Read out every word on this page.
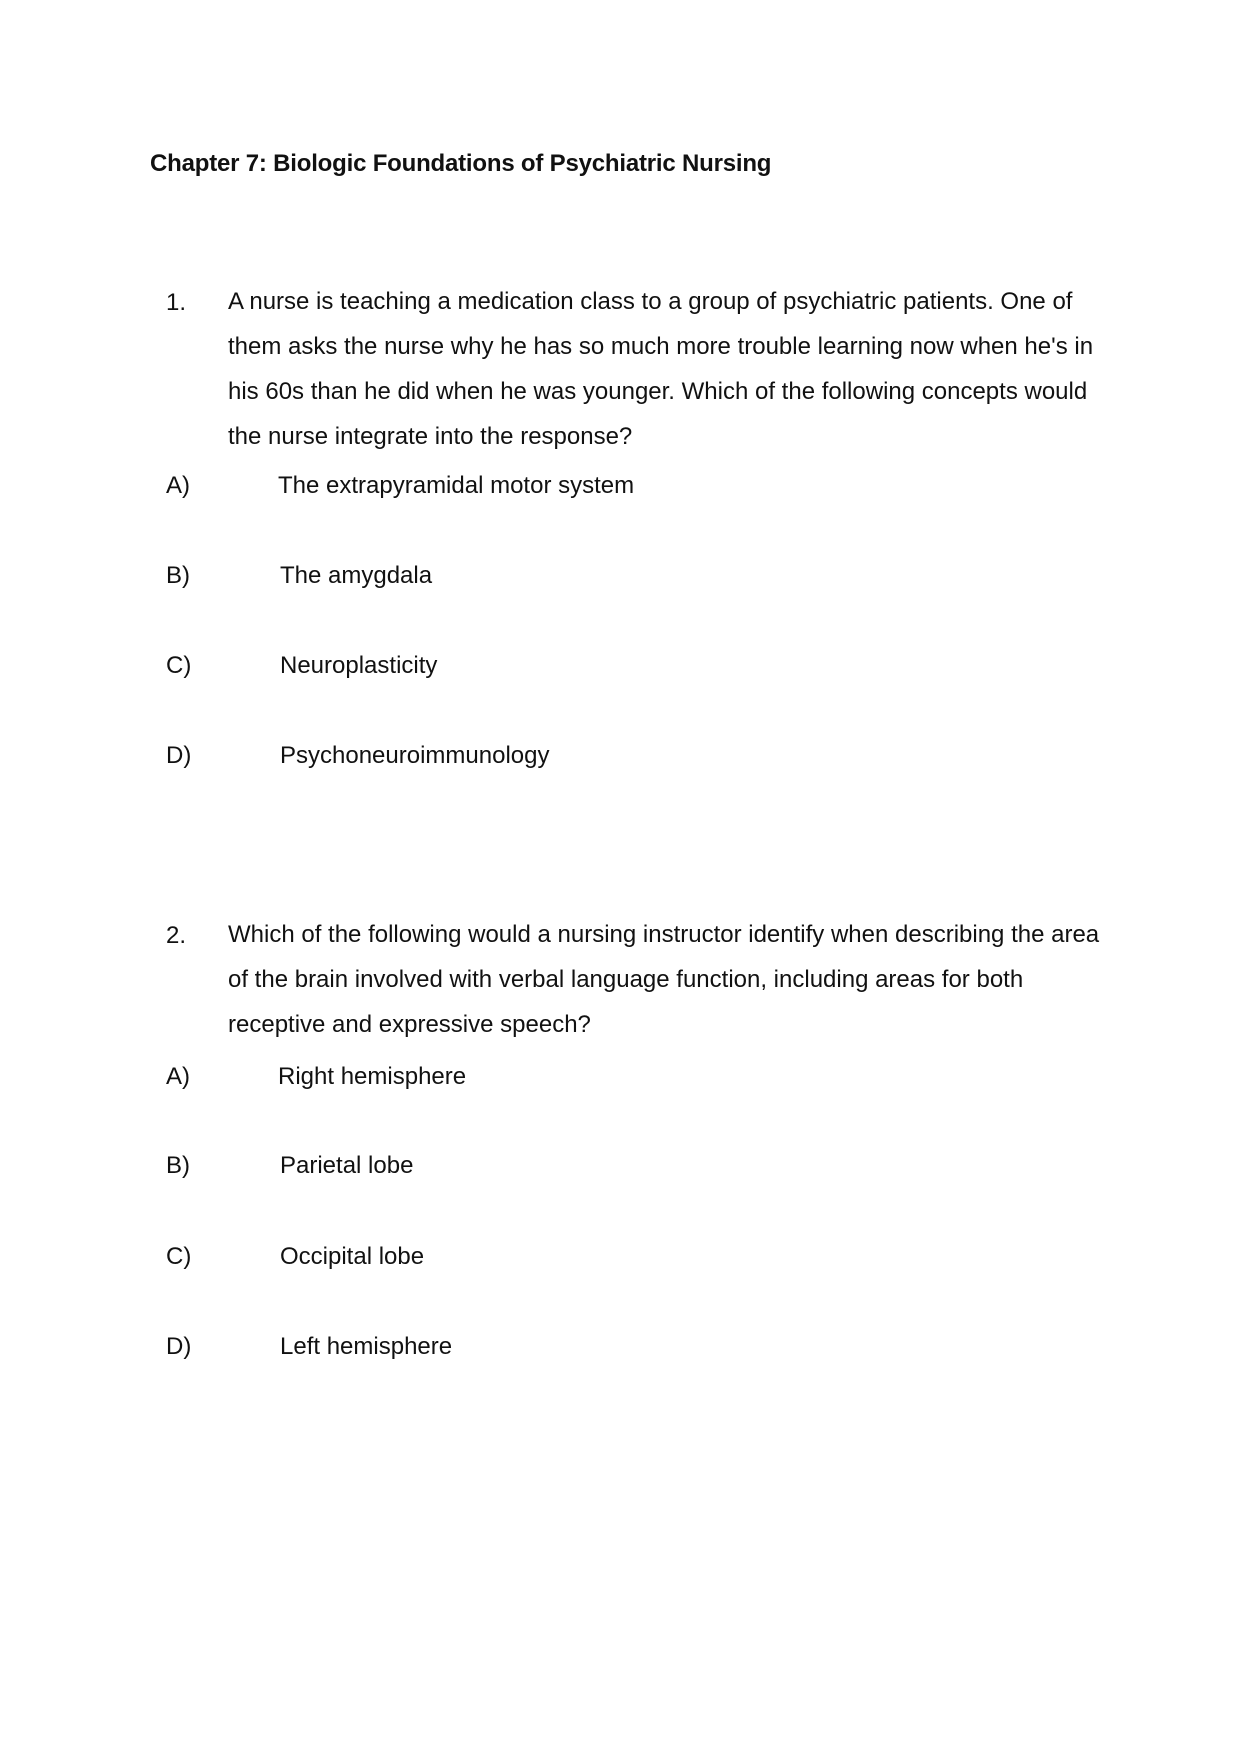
Chapter 7: Biologic Foundations of Psychiatric Nursing
1. A nurse is teaching a medication class to a group of psychiatric patients. One of them asks the nurse why he has so much more trouble learning now when he's in his 60s than he did when he was younger. Which of the following concepts would the nurse integrate into the response?
A)	The extrapyramidal motor system
B)	The amygdala
C)	Neuroplasticity
D)	Psychoneuroimmunology
2. Which of the following would a nursing instructor identify when describing the area of the brain involved with verbal language function, including areas for both receptive and expressive speech?
A)	Right hemisphere
B)	Parietal lobe
C)	Occipital lobe
D)	Left hemisphere
